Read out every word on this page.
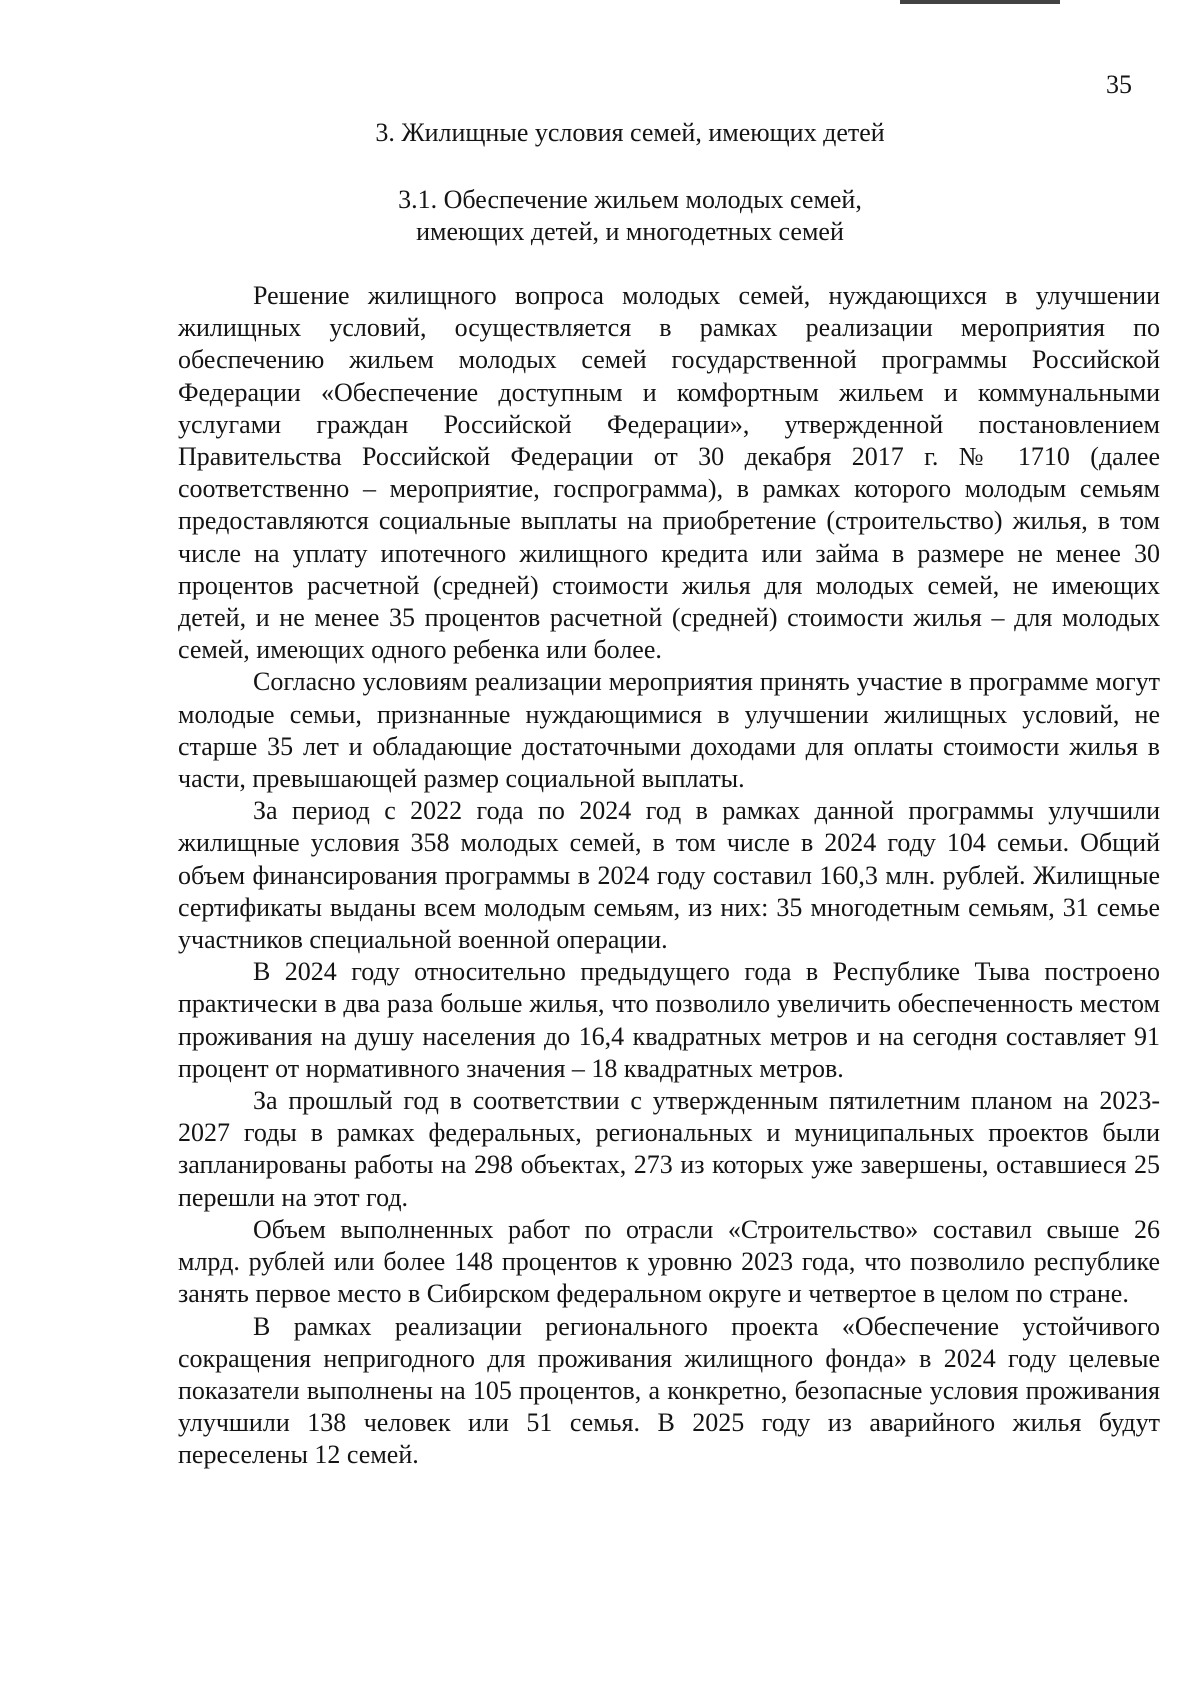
35
3. Жилищные условия семей, имеющих детей
3.1. Обеспечение жильем молодых семей,
имеющих детей, и многодетных семей

Решение жилищного вопроса молодых семей, нуждающихся в улучшении жилищных условий, осуществляется в рамках реализации мероприятия по обеспечению жильем молодых семей государственной программы Российской Федерации «Обеспечение доступным и комфортным жильем и коммунальными услугами граждан Российской Федерации», утвержденной постановлением Правительства Российской Федерации от 30 декабря 2017 г. № 1710 (далее соответственно – мероприятие, госпрограмма), в рамках которого молодым семьям предоставляются социальные выплаты на приобретение (строительство) жилья, в том числе на уплату ипотечного жилищного кредита или займа в размере не менее 30 процентов расчетной (средней) стоимости жилья для молодых семей, не имеющих детей, и не менее 35 процентов расчетной (средней) стоимости жилья – для молодых семей, имеющих одного ребенка или более.

Согласно условиям реализации мероприятия принять участие в программе могут молодые семьи, признанные нуждающимися в улучшении жилищных условий, не старше 35 лет и обладающие достаточными доходами для оплаты стоимости жилья в части, превышающей размер социальной выплаты.

За период с 2022 года по 2024 год в рамках данной программы улучшили жилищные условия 358 молодых семей, в том числе в 2024 году 104 семьи. Общий объем финансирования программы в 2024 году составил 160,3 млн. рублей. Жилищные сертификаты выданы всем молодым семьям, из них: 35 многодетным семьям, 31 семье участников специальной военной операции.

В 2024 году относительно предыдущего года в Республике Тыва построено практически в два раза больше жилья, что позволило увеличить обеспеченность местом проживания на душу населения до 16,4 квадратных метров и на сегодня составляет 91 процент от нормативного значения – 18 квадратных метров.

За прошлый год в соответствии с утвержденным пятилетним планом на 2023-2027 годы в рамках федеральных, региональных и муниципальных проектов были запланированы работы на 298 объектах, 273 из которых уже завершены, оставшиеся 25 перешли на этот год.

Объем выполненных работ по отрасли «Строительство» составил свыше 26 млрд. рублей или более 148 процентов к уровню 2023 года, что позволило республике занять первое место в Сибирском федеральном округе и четвертое в целом по стране.

В рамках реализации регионального проекта «Обеспечение устойчивого сокращения непригодного для проживания жилищного фонда» в 2024 году целевые показатели выполнены на 105 процентов, а конкретно, безопасные условия проживания улучшили 138 человек или 51 семья. В 2025 году из аварийного жилья будут переселены 12 семей.
